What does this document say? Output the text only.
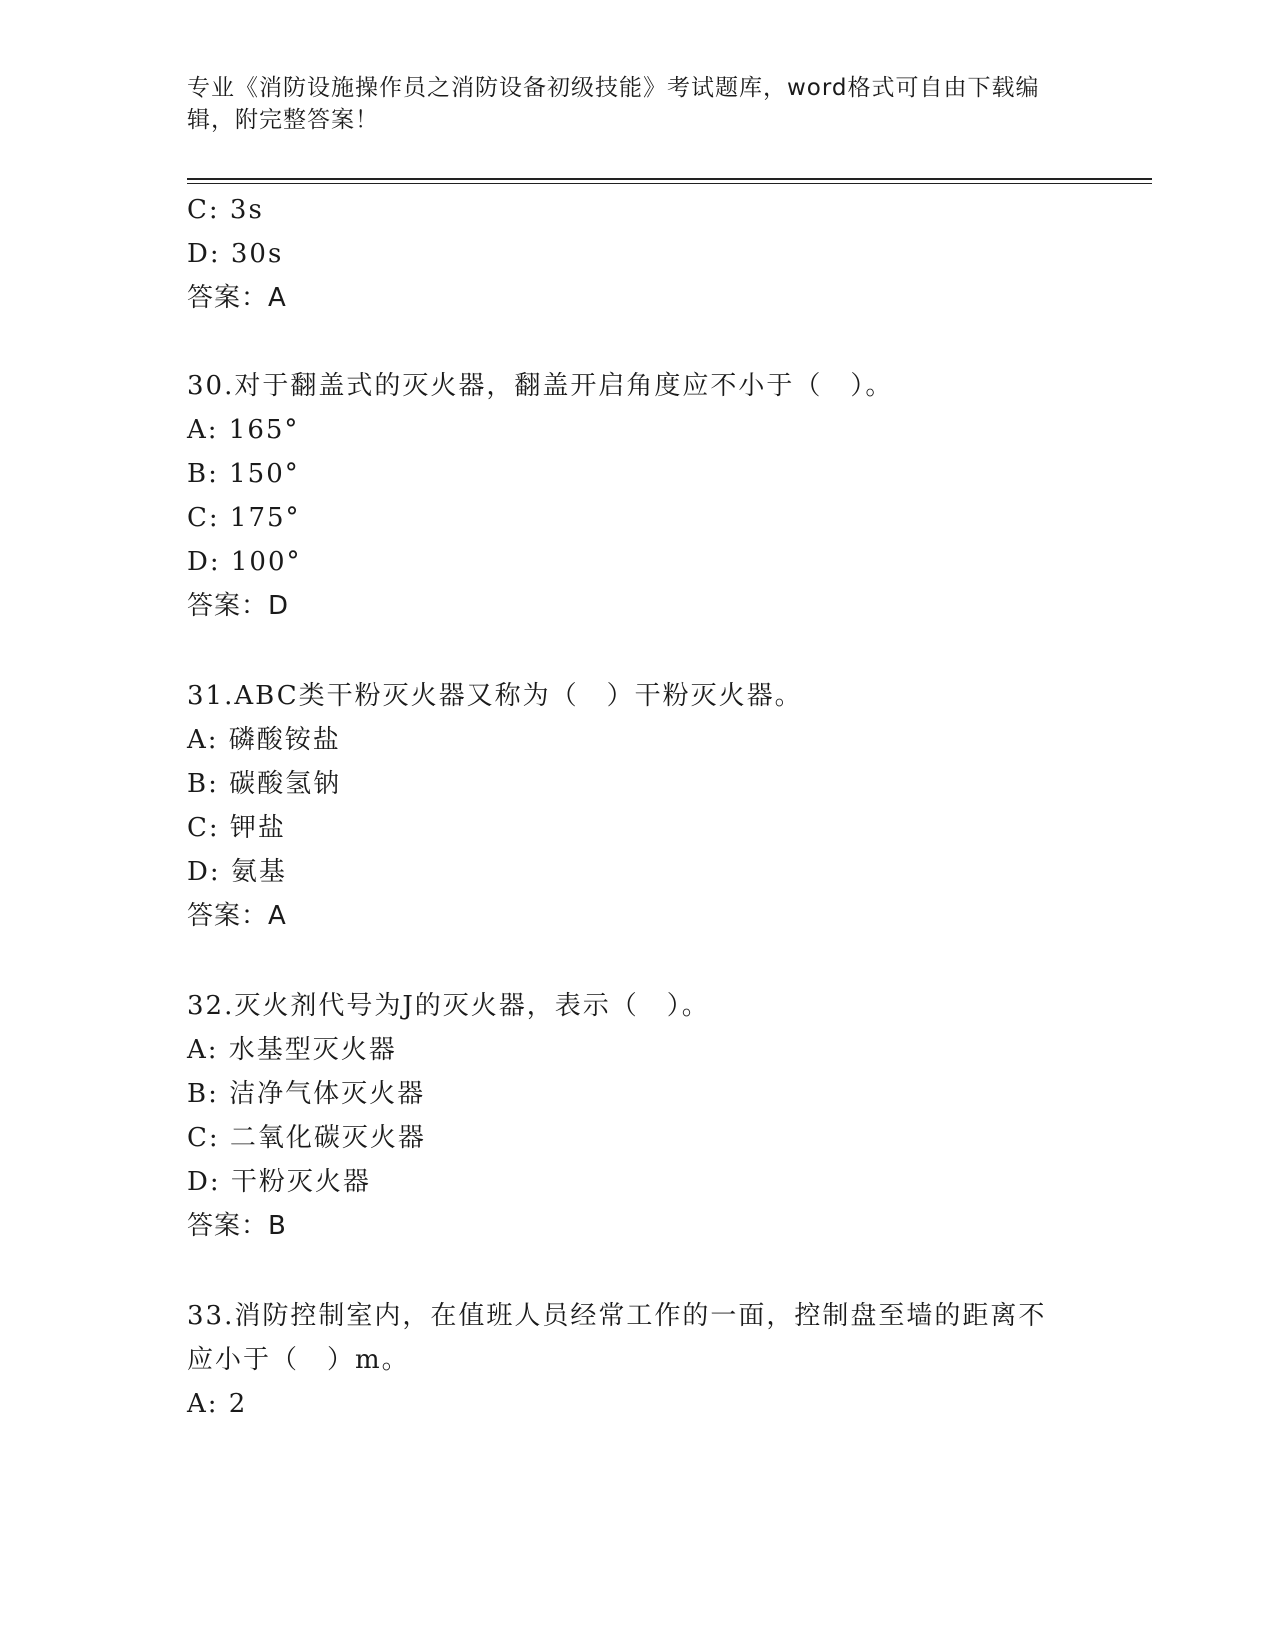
专业《消防设施操作员之消防设备初级技能》考试题库，word格式可自由下载编辑，附完整答案！
C: 3s
D: 30s
答案：A
30.对于翻盖式的灭火器，翻盖开启角度应不小于（　）。
A: 165°
B: 150°
C: 175°
D: 100°
答案：D
31.ABC类干粉灭火器又称为（　）干粉灭火器。
A: 磷酸铵盐
B: 碳酸氢钠
C: 钾盐
D: 氨基
答案：A
32.灭火剂代号为J的灭火器，表示（　）。
A: 水基型灭火器
B: 洁净气体灭火器
C: 二氧化碳灭火器
D: 干粉灭火器
答案：B
33.消防控制室内，在值班人员经常工作的一面，控制盘至墙的距离不
应小于（　）m。
A: 2
